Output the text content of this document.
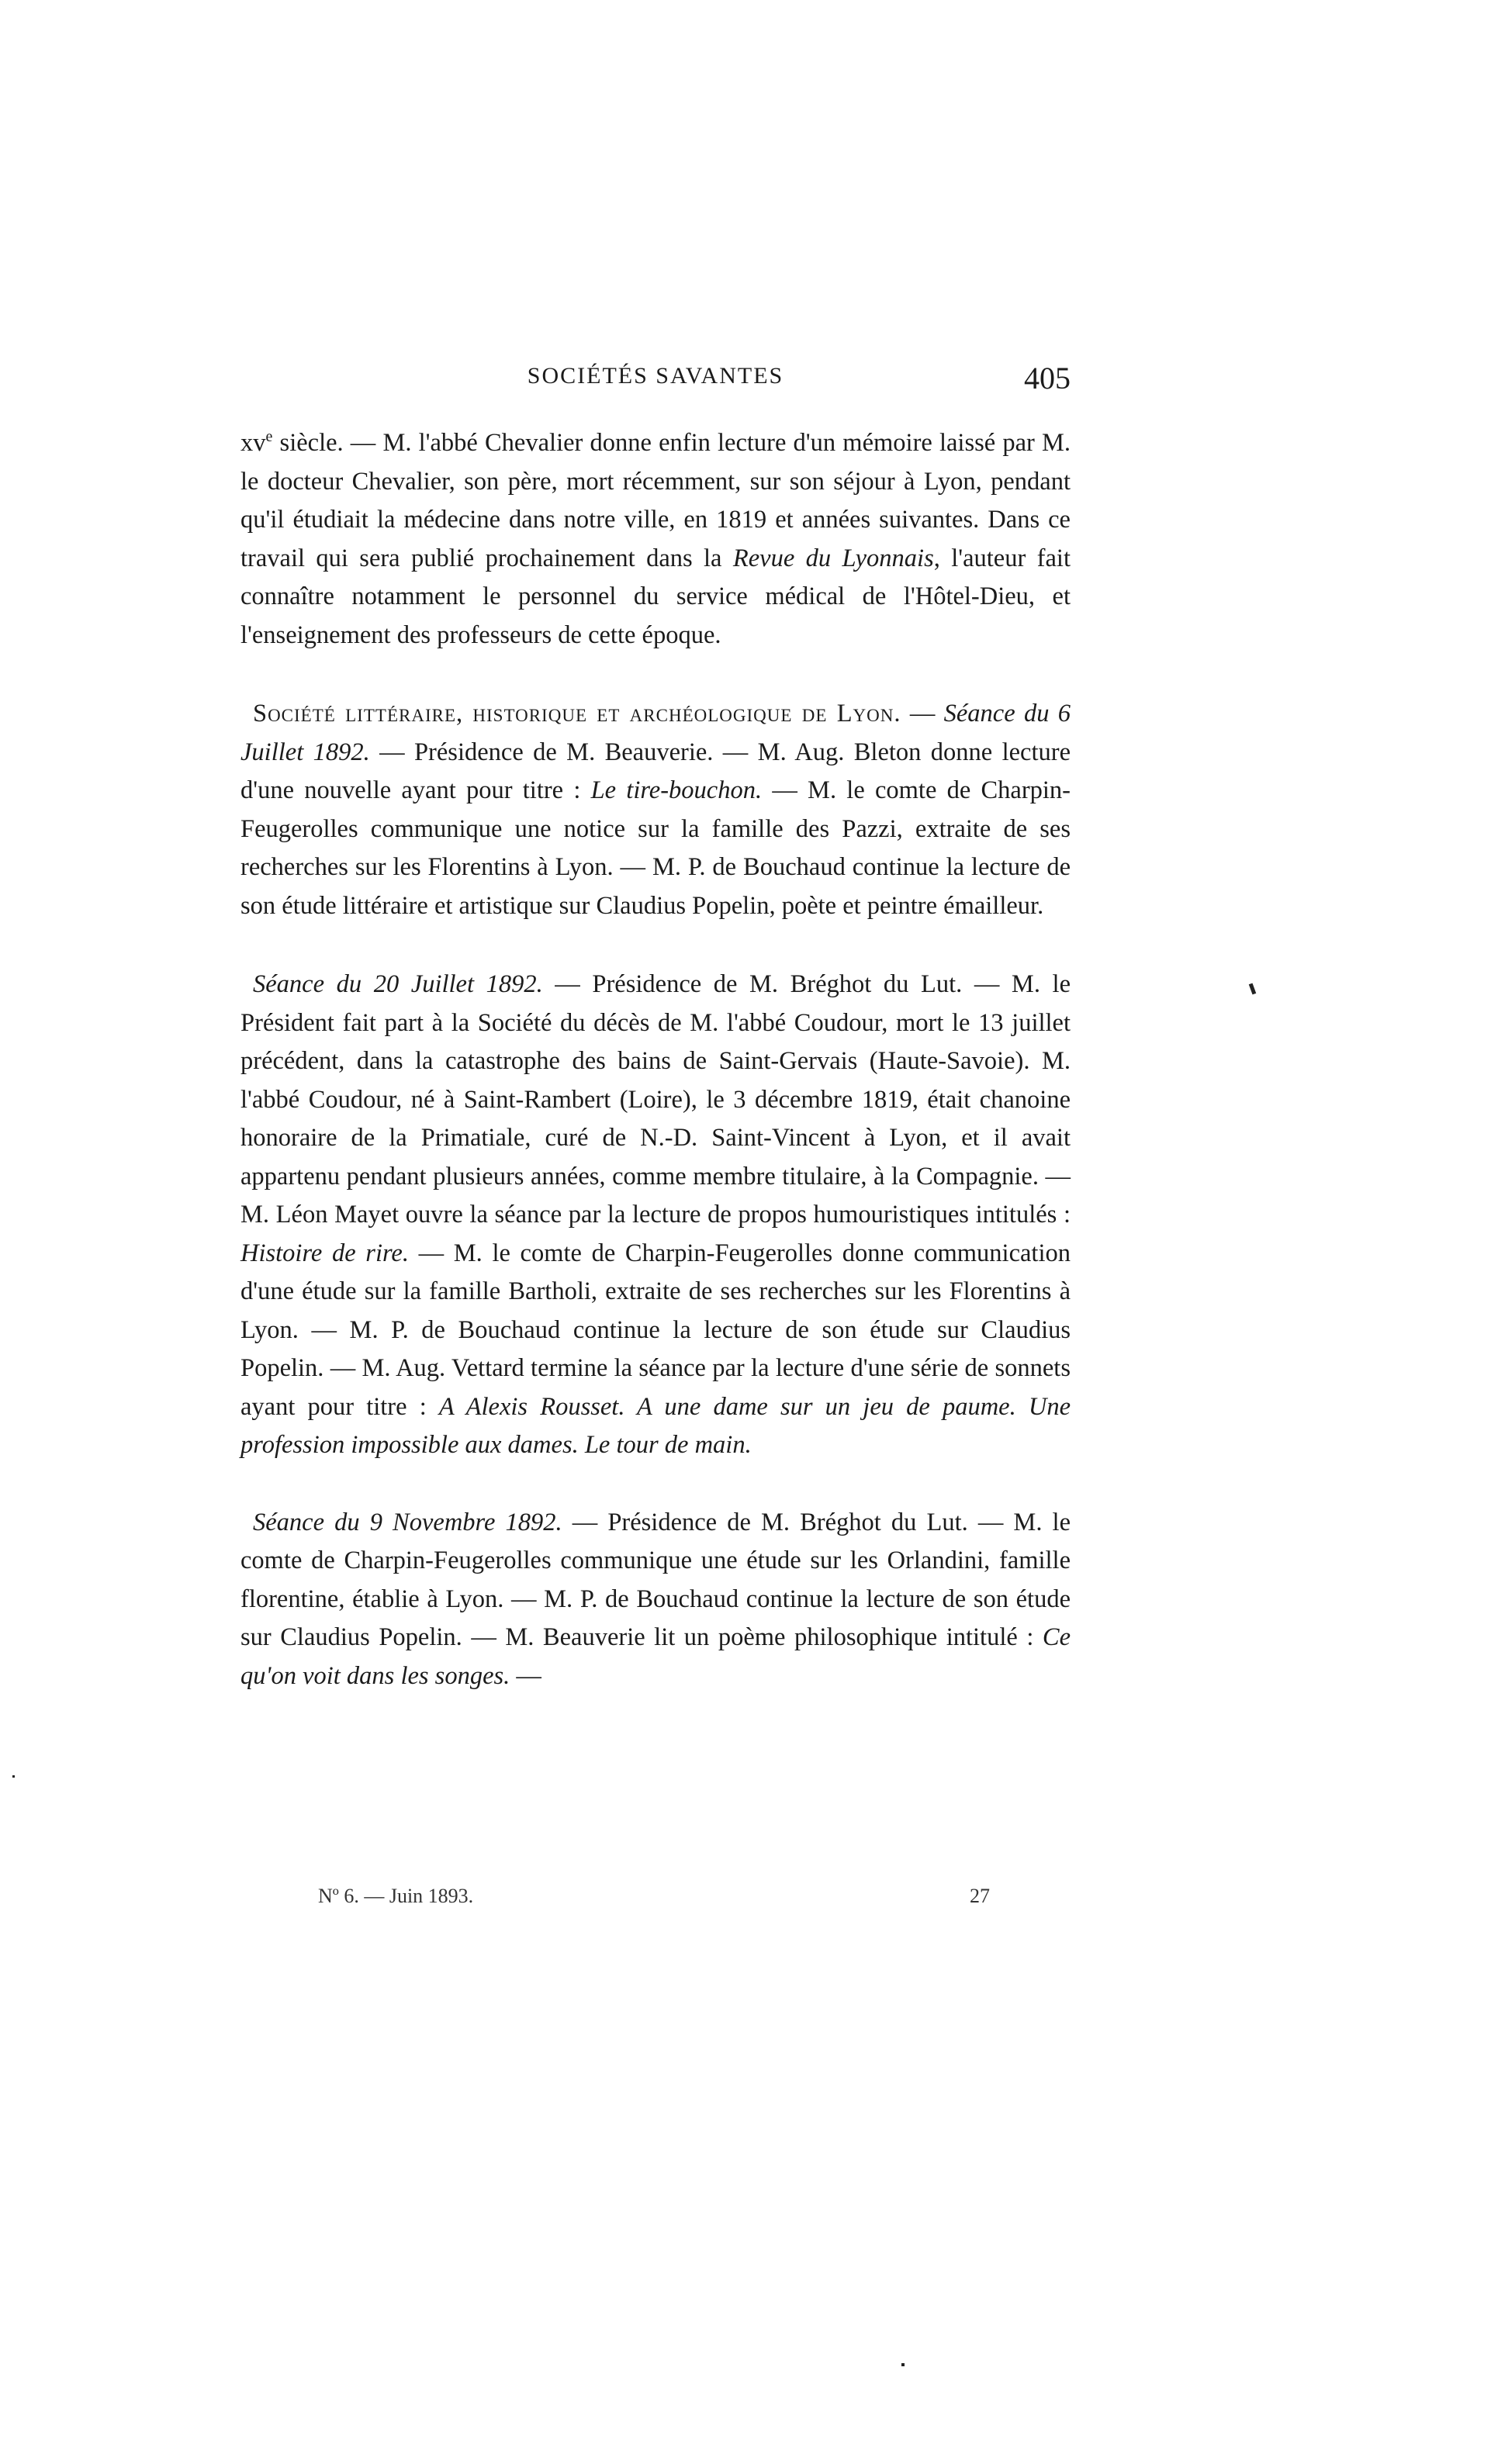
SOCIÉTÉS SAVANTES	405

$xv^e$ siècle. — M. l'abbé Chevalier donne enfin lecture d'un mémoire laissé par M. le docteur Chevalier, son père, mort récemment, sur son séjour à Lyon, pendant qu'il étudiait la médecine dans notre ville, en 1819 et années suivantes. Dans ce travail qui sera publié prochainement dans la Revue du Lyonnais, l'auteur fait connaître notamment le personnel du service médical de l'Hôtel-Dieu, et l'enseignement des professeurs de cette époque.

Société littéraire, historique et archéologique de Lyon. — Séance du 6 Juillet 1892. — Présidence de M. Beauverie. — M. Aug. Bleton donne lecture d'une nouvelle ayant pour titre : Le tire-bouchon. — M. le comte de Charpin-Feugerolles communique une notice sur la famille des Pazzi, extraite de ses recherches sur les Florentins à Lyon. — M. P. de Bouchaud continue la lecture de son étude littéraire et artistique sur Claudius Popelin, poète et peintre émailleur.

Séance du 20 Juillet 1892. — Présidence de M. Bréghot du Lut. — M. le Président fait part à la Société du décès de M. l'abbé Coudour, mort le 13 juillet précédent, dans la catastrophe des bains de Saint-Gervais (Haute-Savoie). M. l'abbé Coudour, né à Saint-Rambert (Loire), le 3 décembre 1819, était chanoine honoraire de la Primatiale, curé de N.-D. Saint-Vincent à Lyon, et il avait appartenu pendant plusieurs années, comme membre titulaire, à la Compagnie. — M. Léon Mayet ouvre la séance par la lecture de propos humouristiques intitulés : Histoire de rire. — M. le comte de Charpin-Feugerolles donne communication d'une étude sur la famille Bartholi, extraite de ses recherches sur les Florentins à Lyon. — M. P. de Bouchaud continue la lecture de son étude sur Claudius Popelin. — M. Aug. Vettard termine la séance par la lecture d'une série de sonnets ayant pour titre : A Alexis Rousset. A une dame sur un jeu de paume. Une profession impossible aux dames. Le tour de main.

Séance du 9 Novembre 1892. — Présidence de M. Bréghot du Lut. — M. le comte de Charpin-Feugerolles communique une étude sur les Orlandini, famille florentine, établie à Lyon. — M. P. de Bouchaud continue la lecture de son étude sur Claudius Popelin. — M. Beauverie lit un poème philosophique intitulé : Ce qu'on voit dans les songes. —

Nº 6. — Juin 1893.	27
